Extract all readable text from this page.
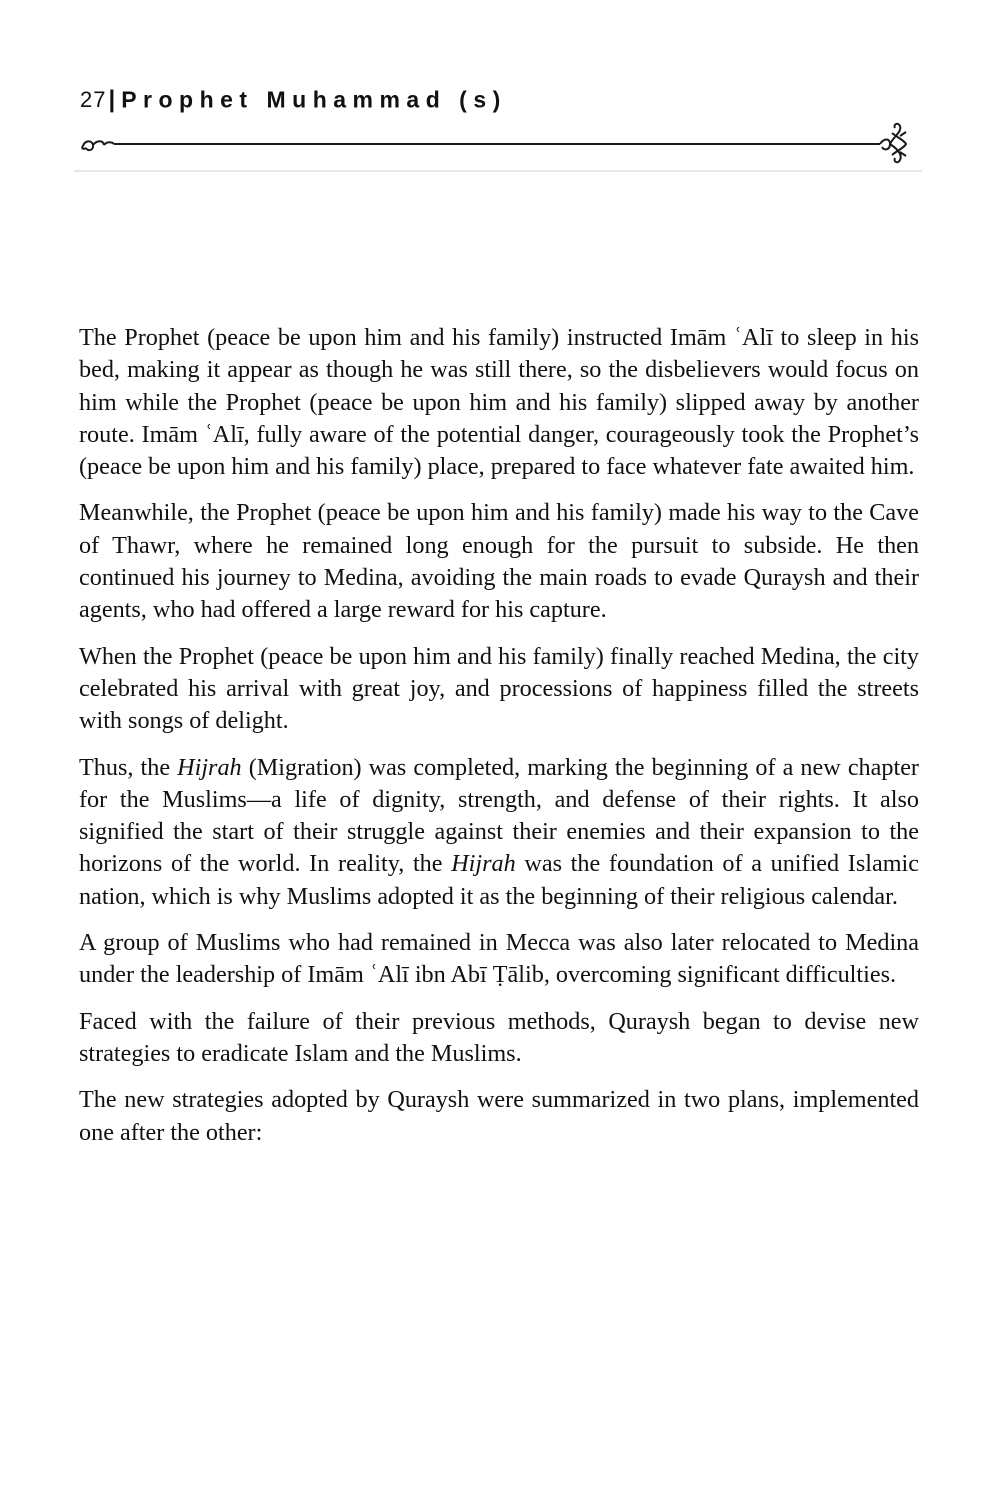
27| Prophet Muhammad (s)

The Prophet (peace be upon him and his family) instructed Imām ʿAlī to sleep in his bed, making it appear as though he was still there, so the disbelievers would focus on him while the Prophet (peace be upon him and his family) slipped away by another route. Imām ʿAlī, fully aware of the potential danger, courageously took the Prophet’s (peace be upon him and his family) place, prepared to face whatever fate awaited him.

Meanwhile, the Prophet (peace be upon him and his family) made his way to the Cave of Thawr, where he remained long enough for the pursuit to subside. He then continued his journey to Medina, avoiding the main roads to evade Quraysh and their agents, who had offered a large reward for his capture.

When the Prophet (peace be upon him and his family) finally reached Medina, the city celebrated his arrival with great joy, and processions of happiness filled the streets with songs of delight.

Thus, the Hijrah (Migration) was completed, marking the beginning of a new chapter for the Muslims—a life of dignity, strength, and defense of their rights. It also signified the start of their struggle against their enemies and their expansion to the horizons of the world. In reality, the Hijrah was the foundation of a unified Islamic nation, which is why Muslims adopted it as the beginning of their religious calendar.

A group of Muslims who had remained in Mecca was also later relocated to Medina under the leadership of Imām ʿAlī ibn Abī Ṭālib, overcoming significant difficulties.

Faced with the failure of their previous methods, Quraysh began to devise new strategies to eradicate Islam and the Muslims.

The new strategies adopted by Quraysh were summarized in two plans, implemented one after the other:
